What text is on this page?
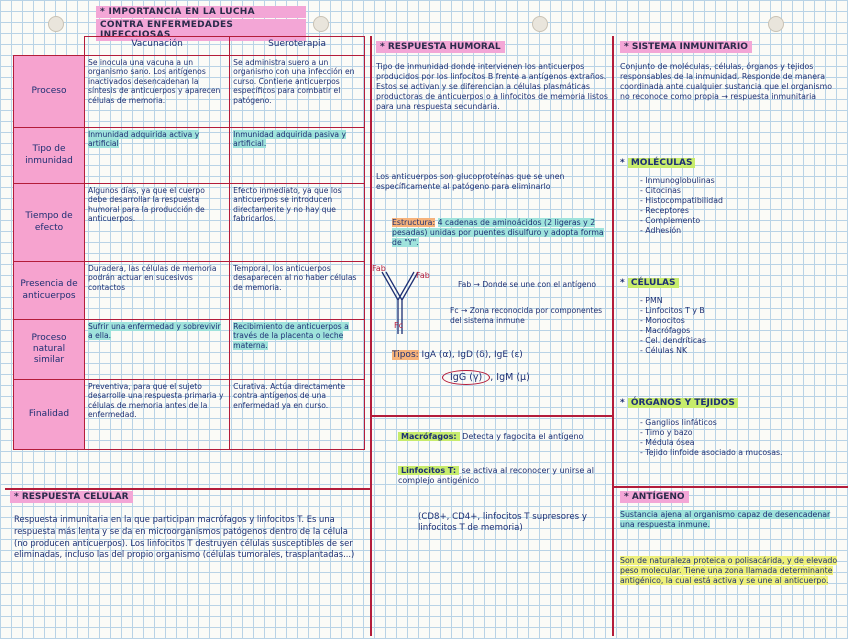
* IMPORTANCIA EN LA LUCHA
CONTRA ENFERMEDADES INFECCIOSAS
	Vacunación	Sueroterapia
Proceso	Se inocula una vacuna a un organismo sano. Los antígenos inactivados desencadenan la síntesis de anticuerpos y aparecen células de memoria.	Se administra suero a un organismo con una infección en curso. Contiene anticuerpos específicos para combatir el patógeno.
Tipo de inmunidad	Inmunidad adquirida activa y artificial	Inmunidad adquirida pasiva y artificial.
Tiempo de efecto	Algunos días, ya que el cuerpo debe desarrollar la respuesta humoral para la producción de anticuerpos.	Efecto inmediato, ya que los anticuerpos se introducen directamente y no hay que fabricarlos.
Presencia de anticuerpos	Duradera, las células de memoria podrán actuar en sucesivos contactos	Temporal, los anticuerpos desaparecen al no haber células de memoria.
Proceso natural similar	Sufrir una enfermedad y sobrevivir a ella.	Recibimiento de anticuerpos a través de la placenta o leche materna.
Finalidad	Preventiva, para que el sujeto desarrolle una respuesta primaria y células de memoria antes de la enfermedad.	Curativa. Actúa directamente contra antígenos de una enfermedad ya en curso.
* RESPUESTA CELULAR
Respuesta inmunitaria en la que participan macrófagos y linfocitos T. Es una respuesta más lenta y se da en microorganismos patógenos dentro de la célula (no producen anticuerpos). Los linfocitos T destruyen células susceptibles de ser eliminadas, incluso las del propio organismo (células tumorales, trasplantadas...)
* RESPUESTA HUMORAL
Tipo de inmunidad donde intervienen los anticuerpos producidos por los linfocitos B frente a antígenos extraños. Estos se activan y se diferencian a células plasmáticas productoras de anticuerpos o a linfocitos de memoria listos para una respuesta secundaria.
Los anticuerpos son glucoproteínas que se unen específicamente al patógeno para eliminarlo
Estructura: 4 cadenas de aminoácidos (2 ligeras y 2 pesadas) unidas por puentes disulfuro y adopta forma de "Y".
Fab
Fab
Fc
Fab → Donde se une con el antígeno
Fc → Zona reconocida por componentes del sistema inmune
Tipos: IgA (α), IgD (δ), IgE (ε)
IgG (γ) , IgM (μ)
Macrófagos: Detecta y fagocita el antígeno
Linfocitos T: se activa al reconocer y unirse al complejo antigénico
(CD8+, CD4+, linfocitos T supresores y linfocitos T de memoria)
* SISTEMA INMUNITARIO
Conjunto de moléculas, células, órganos y tejidos responsables de la inmunidad. Responde de manera coordinada ante cualquier sustancia que el organismo no reconoce como propia → respuesta inmunitaria
* MOLÉCULAS
- Inmunoglobulinas
- Citocinas
- Histocompatibilidad
- Receptores
- Complemento
- Adhesión
* CÉLULAS
- PMN
- Linfocitos T y B
- Monocitos
- Macrófagos
- Cel. dendríticas
- Células NK
* ÓRGANOS Y TEJIDOS
- Ganglios linfáticos
- Timo y bazo
- Médula ósea
- Tejido linfoide asociado a mucosas.
* ANTÍGENO
Sustancia ajena al organismo capaz de desencadenar una respuesta inmune.
Son de naturaleza proteica o polisacárida, y de elevado peso molecular. Tiene una zona llamada determinante antigénico, la cual está activa y se une al anticuerpo.
